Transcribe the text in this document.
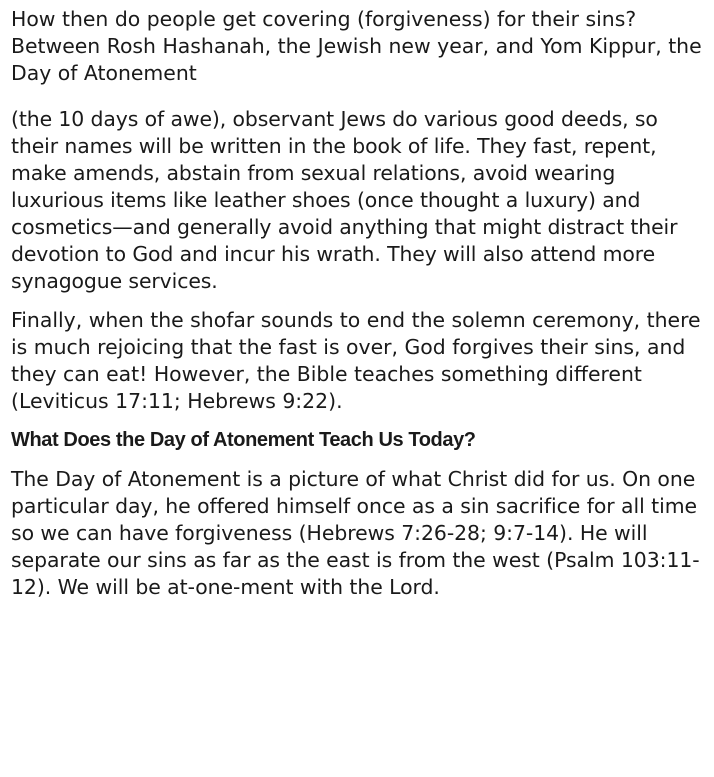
How then do people get covering (forgiveness) for their sins? Between Rosh Hashanah, the Jewish new year, and Yom Kippur, the Day of Atonement

(the 10 days of awe), observant Jews do various good deeds, so their names will be written in the book of life. They fast, repent, make amends, abstain from sexual relations, avoid wearing luxurious items like leather shoes (once thought a luxury) and cosmetics—and generally avoid anything that might distract their devotion to God and incur his wrath. They will also attend more synagogue services.

Finally, when the shofar sounds to end the solemn ceremony, there is much rejoicing that the fast is over, God forgives their sins, and they can eat! However, the Bible teaches something different (Leviticus 17:11; Hebrews 9:22).

What Does the Day of Atonement Teach Us Today?

The Day of Atonement is a picture of what Christ did for us. On one particular day, he offered himself once as a sin sacrifice for all time so we can have forgiveness (Hebrews 7:26-28; 9:7-14). He will separate our sins as far as the east is from the west (Psalm 103:11-12). We will be at-one-ment with the Lord.
